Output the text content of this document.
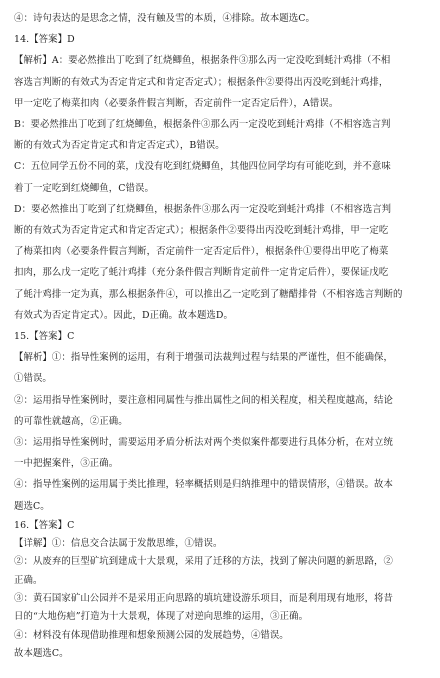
④：诗句表达的是思念之情，没有触及雪的本质，④排除。故本题选C。
14.【答案】D
【解析】A：要必然推出丁吃到了红烧鲫鱼，根据条件③那么丙一定没吃到蚝汁鸡排（不相
容选言判断的有效式为否定肯定式和肯定否定式）；根据条件②要得出丙没吃到蚝汁鸡排，
甲一定吃了梅菜扣肉（必要条件假言判断，否定前件一定否定后件），A错误。
B：要必然推出丁吃到了红烧鲫鱼，根据条件③那么丙一定没吃到蚝汁鸡排（不相容选言判
断的有效式为否定肯定式和肯定否定式），B错误。
C：五位同学五份不同的菜，戊没有吃到红烧鲫鱼，其他四位同学均有可能吃到，并不意味
着丁一定吃到红烧鲫鱼，C错误。
D：要必然推出丁吃到了红烧鲫鱼，根据条件③那么丙一定没吃到蚝汁鸡排（不相容选言判
断的有效式为否定肯定式和肯定否定式）；根据条件②要得出丙没吃到蚝汁鸡排，甲一定吃
了梅菜扣肉（必要条件假言判断，否定前件一定否定后件），根据条件①要得出甲吃了梅菜
扣肉，那么戊一定吃了蚝汁鸡排（充分条件假言判断肯定前件一定肯定后件），要保证戊吃
了蚝汁鸡排一定为真，那么根据条件④，可以推出乙一定吃到了糖醋排骨（不相容选言判断的
有效式为否定肯定式）。因此，D正确。故本题选D。
15.【答案】C
【解析】①：指导性案例的运用，有利于增强司法裁判过程与结果的严谨性，但不能确保，
①错误。
②：运用指导性案例时，要注意相同属性与推出属性之间的相关程度，相关程度越高，结论
的可靠性就越高，②正确。
③：运用指导性案例时，需要运用矛盾分析法对两个类似案件都要进行具体分析，在对立统
一中把握案件，③正确。
④：指导性案例的运用属于类比推理，轻率概括则是归纳推理中的错误情形，④错误。故本
题选C。
16.【答案】C
【详解】①：信息交合法属于发散思维，①错误。
②：从废弃的巨型矿坑到建成十大景观，采用了迁移的方法，找到了解决问题的新思路，②
正确。
③：黄石国家矿山公园并不是采用正向思路的填坑建设游乐项目，而是利用现有地形，将昔
日的“大地伤疤”打造为十大景观，体现了对逆向思维的运用，③正确。
④：材料没有体现借助推理和想象预测公园的发展趋势，④错误。
故本题选C。
